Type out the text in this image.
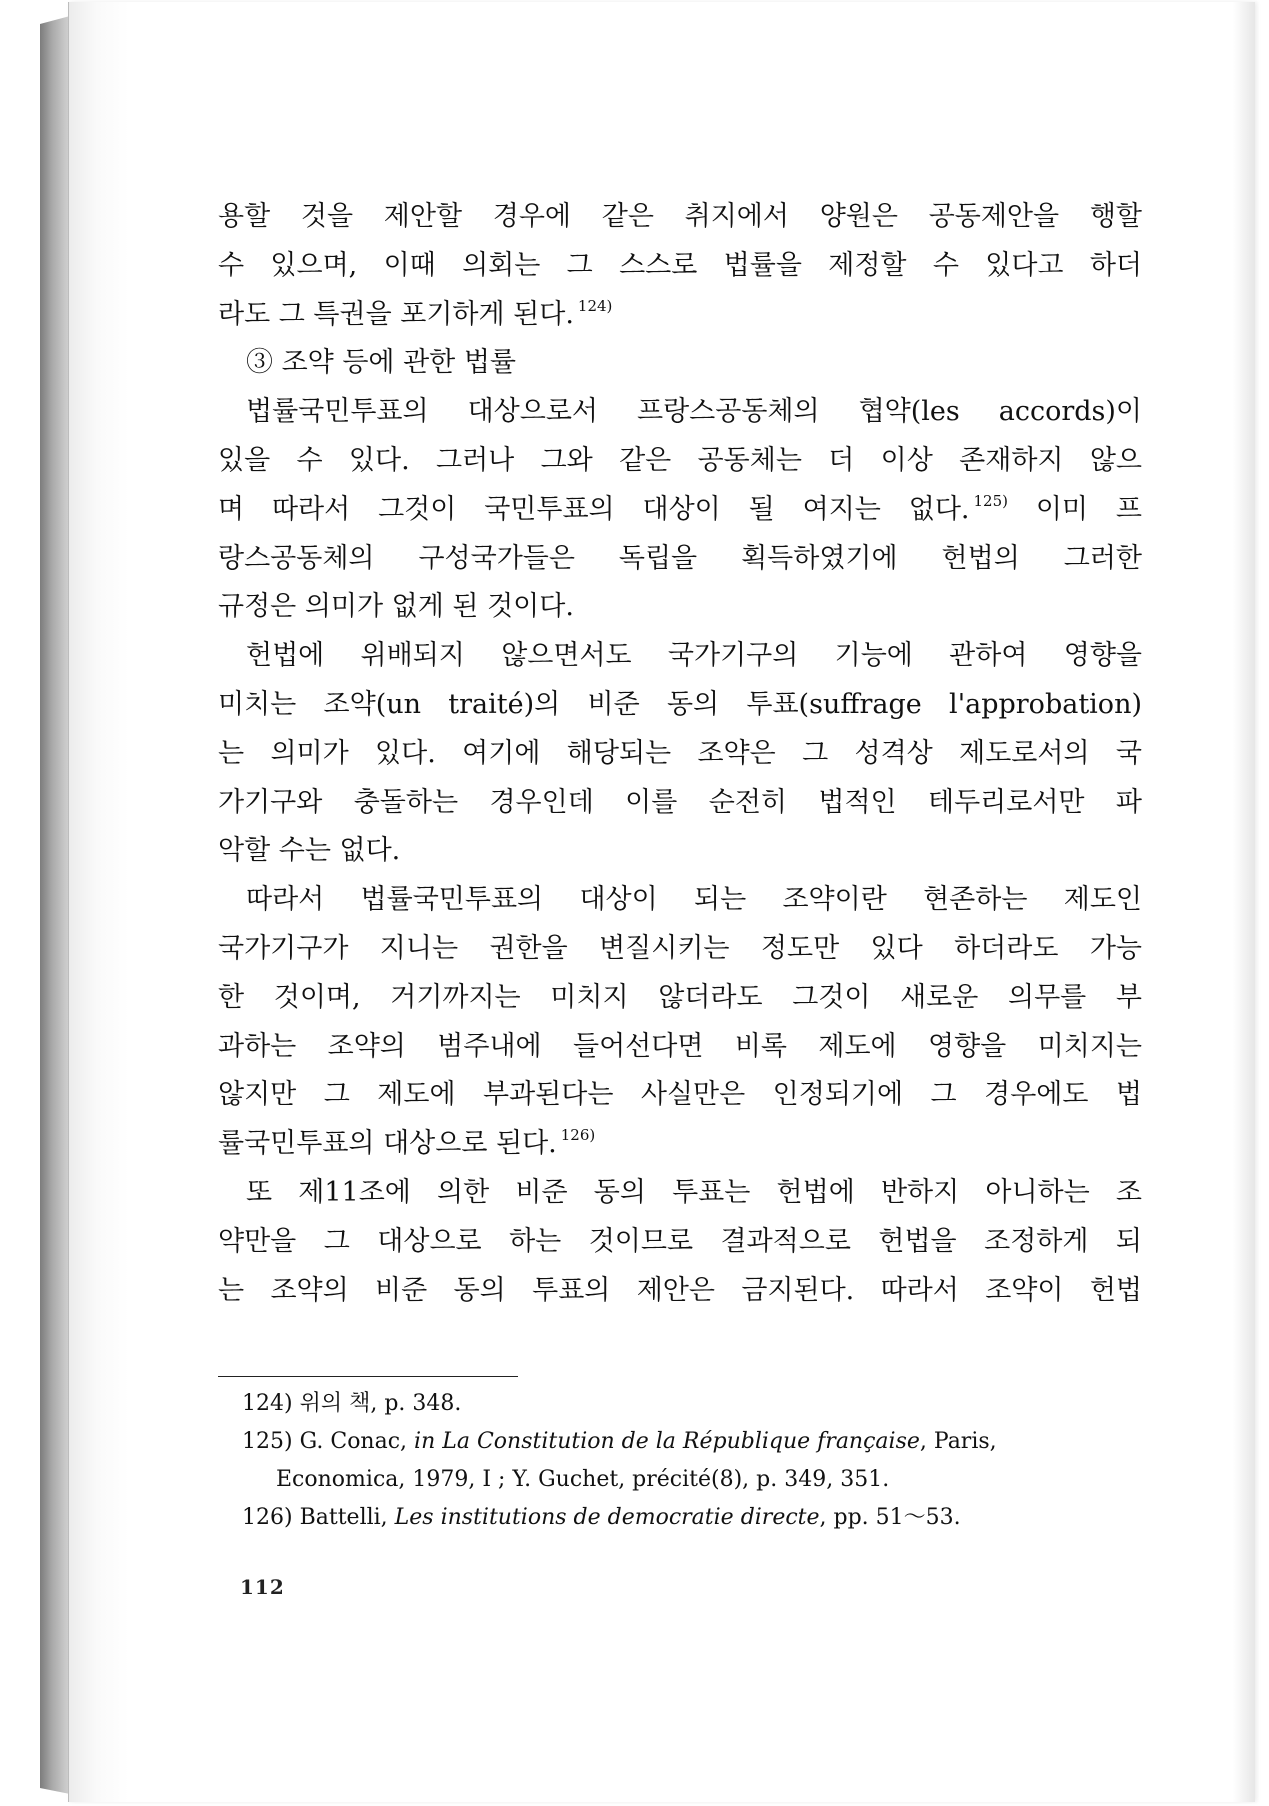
용할 것을 제안할 경우에 같은 취지에서 양원은 공동제안을 행할
수 있으며, 이때 의회는 그 스스로 법률을 제정할 수 있다고 하더
라도 그 특권을 포기하게 된다. $^{124)}$
③ 조약 등에 관한 법률
법률국민투표의 대상으로서 프랑스공동체의 협약(les accords)이
있을 수 있다. 그러나 그와 같은 공동체는 더 이상 존재하지 않으
며 따라서 그것이 국민투표의 대상이 될 여지는 없다. $^{125)}$ 이미 프
랑스공동체의 구성국가들은 독립을 획득하였기에 헌법의 그러한
규정은 의미가 없게 된 것이다.
헌법에 위배되지 않으면서도 국가기구의 기능에 관하여 영향을
미치는 조약(un traité)의 비준 동의 투표(suffrage l'approbation)
는 의미가 있다. 여기에 해당되는 조약은 그 성격상 제도로서의 국
가기구와 충돌하는 경우인데 이를 순전히 법적인 테두리로서만 파
악할 수는 없다.
따라서 법률국민투표의 대상이 되는 조약이란 현존하는 제도인
국가기구가 지니는 권한을 변질시키는 정도만 있다 하더라도 가능
한 것이며, 거기까지는 미치지 않더라도 그것이 새로운 의무를 부
과하는 조약의 범주내에 들어선다면 비록 제도에 영향을 미치지는
않지만 그 제도에 부과된다는 사실만은 인정되기에 그 경우에도 법
률국민투표의 대상으로 된다. $^{126)}$
또 제11조에 의한 비준 동의 투표는 헌법에 반하지 아니하는 조
약만을 그 대상으로 하는 것이므로 결과적으로 헌법을 조정하게 되
는 조약의 비준 동의 투표의 제안은 금지된다. 따라서 조약이 헌법
124) 위의 책, p. 348.
125) G. Conac, in La Constitution de la République française, Paris,
Economica, 1979, I ; Y. Guchet, précité(8), p. 349, 351.
126) Battelli, Les institutions de democratie directe, pp. 51～53.
112
